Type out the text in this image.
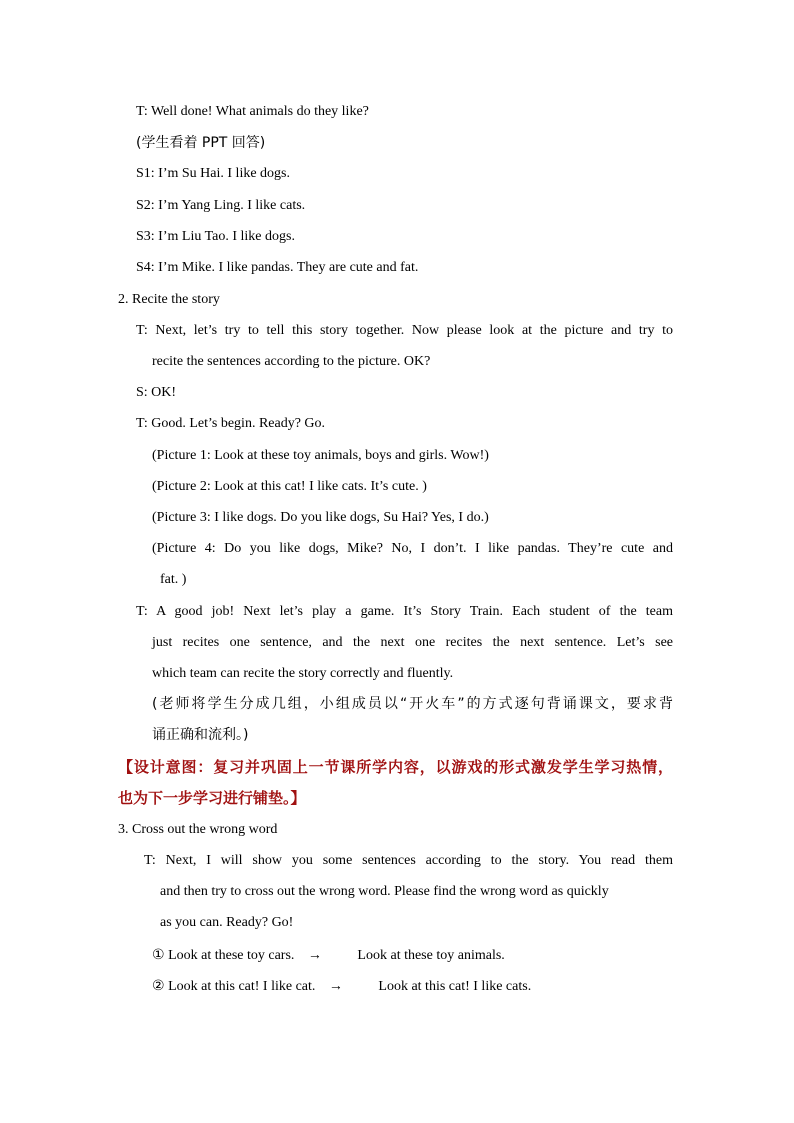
T: Well done! What animals do they like?
(学生看着 PPT 回答)
S1: I’m Su Hai. I like dogs.
S2: I’m Yang Ling. I like cats.
S3: I’m Liu Tao. I like dogs.
S4: I’m Mike. I like pandas. They are cute and fat.
2. Recite the story
T: Next, let’s try to tell this story together. Now please look at the picture and try to
recite the sentences according to the picture. OK?
S: OK!
T: Good. Let’s begin. Ready? Go.
(Picture 1: Look at these toy animals, boys and girls. Wow!)
(Picture 2: Look at this cat! I like cats. It’s cute. )
(Picture 3: I like dogs. Do you like dogs, Su Hai? Yes, I do.)
(Picture 4: Do you like dogs, Mike? No, I don’t. I like pandas. They’re cute and
fat. )
T: A good job! Next let’s play a game. It’s Story Train. Each student of the team
just recites one sentence, and the next one recites the next sentence. Let’s see
which team can recite the story correctly and fluently.
(老师将学生分成几组，小组成员以“开火车”的方式逐句背诵课文，要求背
诵正确和流利。)
【设计意图：复习并巩固上一节课所学内容，以游戏的形式激发学生学习热情，
也为下一步学习进行铺垫。】
3. Cross out the wrong word
T: Next, I will show you some sentences according to the story. You read them
and then try to cross out the wrong word. Please find the wrong word as quickly
as you can. Ready? Go!
① Look at these toy cars. →	Look at these toy animals.
② Look at this cat! I like cat. →	Look at this cat! I like cats.
